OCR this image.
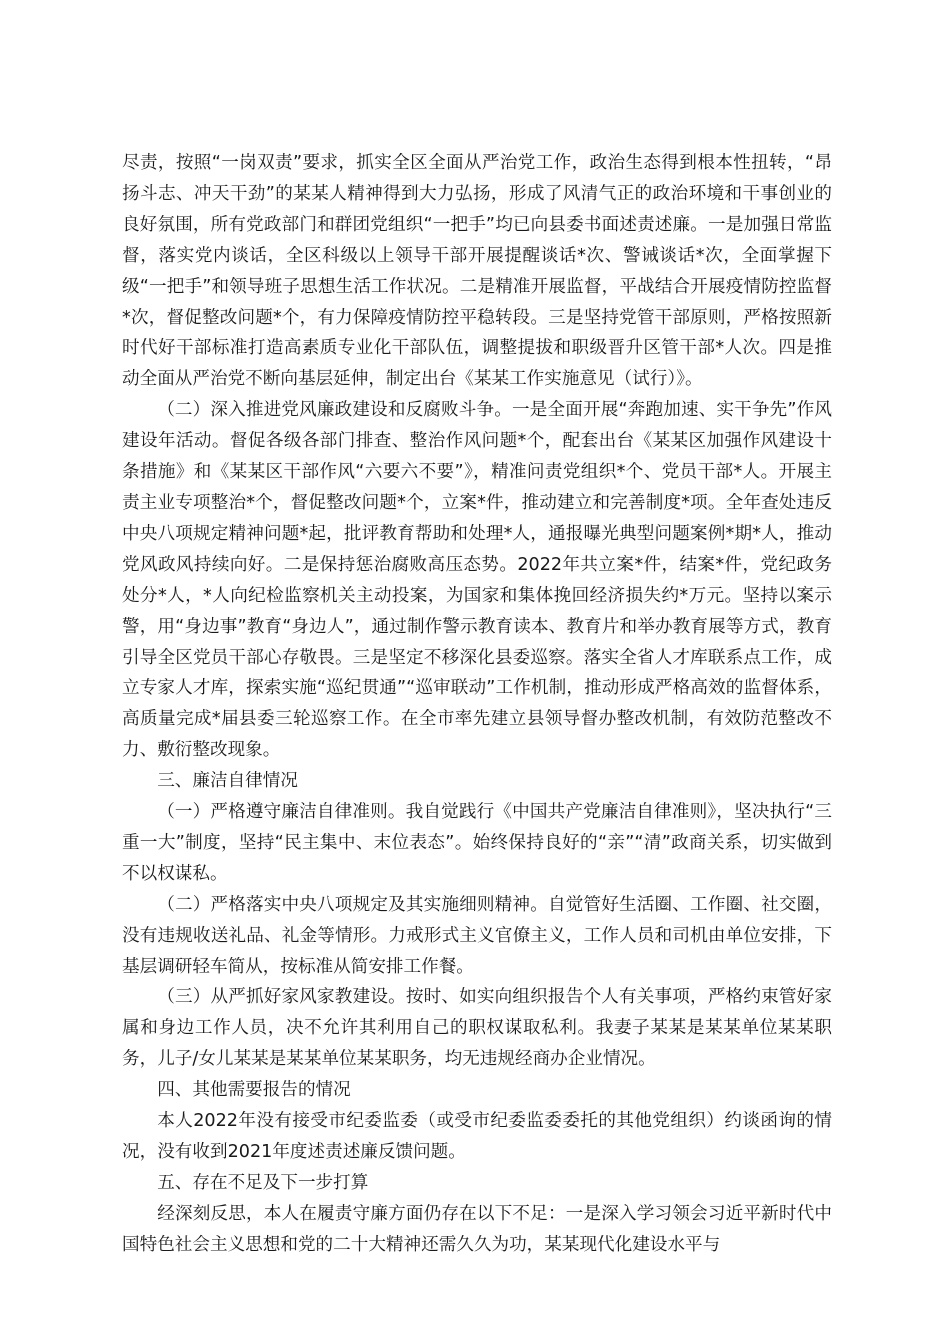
尽责，按照“一岗双责”要求，抓实全区全面从严治党工作，政治生态得到根本性扭转，“昂扬斗志、冲天干劲”的某某人精神得到大力弘扬，形成了风清气正的政治环境和干事创业的良好氛围，所有党政部门和群团党组织“一把手”均已向县委书面述责述廉。一是加强日常监督，落实党内谈话，全区科级以上领导干部开展提醒谈话*次、警诫谈话*次，全面掌握下级“一把手”和领导班子思想生活工作状况。二是精准开展监督，平战结合开展疫情防控监督*次，督促整改问题*个，有力保障疫情防控平稳转段。三是坚持党管干部原则，严格按照新时代好干部标准打造高素质专业化干部队伍，调整提拔和职级晋升区管干部*人次。四是推动全面从严治党不断向基层延伸，制定出台《某某工作实施意见（试行）》。

（二）深入推进党风廉政建设和反腐败斗争。一是全面开展“奔跑加速、实干争先”作风建设年活动。督促各级各部门排查、整治作风问题*个，配套出台《某某区加强作风建设十条措施》和《某某区干部作风“六要六不要”》，精准问责党组织*个、党员干部*人。开展主责主业专项整治*个，督促整改问题*个，立案*件，推动建立和完善制度*项。全年查处违反中央八项规定精神问题*起，批评教育帮助和处理*人，通报曝光典型问题案例*期*人，推动党风政风持续向好。二是保持惩治腐败高压态势。2022年共立案*件，结案*件，党纪政务处分*人，*人向纪检监察机关主动投案，为国家和集体挽回经济损失约*万元。坚持以案示警，用“身边事”教育“身边人”，通过制作警示教育读本、教育片和举办教育展等方式，教育引导全区党员干部心存敬畏。三是坚定不移深化县委巡察。落实全省人才库联系点工作，成立专家人才库，探索实施“巡纪贯通”“巡审联动”工作机制，推动形成严格高效的监督体系，高质量完成*届县委三轮巡察工作。在全市率先建立县领导督办整改机制，有效防范整改不力、敷衍整改现象。

三、廉洁自律情况

（一）严格遵守廉洁自律准则。我自觉践行《中国共产党廉洁自律准则》，坚决执行“三重一大”制度，坚持“民主集中、末位表态”。始终保持良好的“亲”“清”政商关系，切实做到不以权谋私。

（二）严格落实中央八项规定及其实施细则精神。自觉管好生活圈、工作圈、社交圈，没有违规收送礼品、礼金等情形。力戒形式主义官僚主义，工作人员和司机由单位安排，下基层调研轻车简从，按标准从简安排工作餐。

（三）从严抓好家风家教建设。按时、如实向组织报告个人有关事项，严格约束管好家属和身边工作人员，决不允许其利用自己的职权谋取私利。我妻子某某是某某单位某某职务，儿子/女儿某某是某某单位某某职务，均无违规经商办企业情况。

四、其他需要报告的情况

本人2022年没有接受市纪委监委（或受市纪委监委委托的其他党组织）约谈函询的情况，没有收到2021年度述责述廉反馈问题。

五、存在不足及下一步打算

经深刻反思，本人在履责守廉方面仍存在以下不足：一是深入学习领会习近平新时代中国特色社会主义思想和党的二十大精神还需久久为功，某某现代化建设水平与
